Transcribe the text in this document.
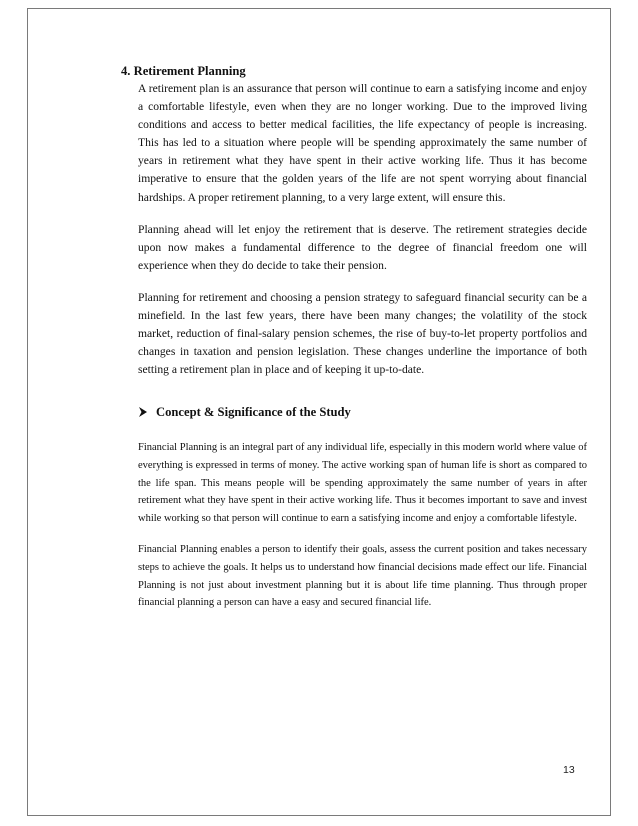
4. Retirement Planning

A retirement plan is an assurance that person will continue to earn a satisfying income and enjoy a comfortable lifestyle, even when they are no longer working. Due to the improved living conditions and access to better medical facilities, the life expectancy of people is increasing. This has led to a situation where people will be spending approximately the same number of years in retirement what they have spent in their active working life. Thus it has become imperative to ensure that the golden years of the life are not spent worrying about financial hardships. A proper retirement planning, to a very large extent, will ensure this.

Planning ahead will let enjoy the retirement that is deserve. The retirement strategies decide upon now makes a fundamental difference to the degree of financial freedom one will experience when they do decide to take their pension.

Planning for retirement and choosing a pension strategy to safeguard financial security can be a minefield. In the last few years, there have been many changes; the volatility of the stock market, reduction of final-salary pension schemes, the rise of buy-to-let property portfolios and changes in taxation and pension legislation. These changes underline the importance of both setting a retirement plan in place and of keeping it up-to-date.

Concept & Significance of the Study

Financial Planning is an integral part of any individual life, especially in this modern world where value of everything is expressed in terms of money. The active working span of human life is short as compared to the life span. This means people will be spending approximately the same number of years in after retirement what they have spent in their active working life. Thus it becomes important to save and invest while working so that person will continue to earn a satisfying income and enjoy a comfortable lifestyle.

Financial Planning enables a person to identify their goals, assess the current position and takes necessary steps to achieve the goals. It helps us to understand how financial decisions made effect our life. Financial Planning is not just about investment planning but it is about life time planning. Thus through proper financial planning a person can have a easy and secured financial life.

13
